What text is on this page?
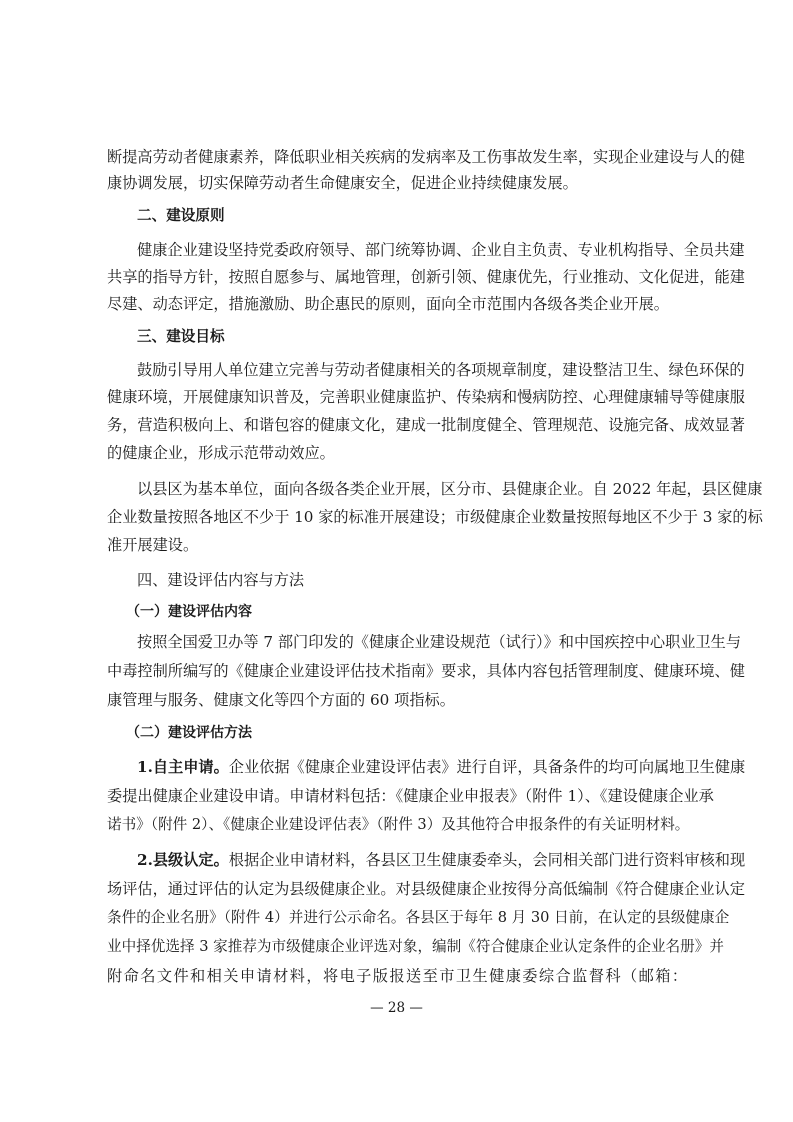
断提高劳动者健康素养，降低职业相关疾病的发病率及工伤事故发生率，实现企业建设与人的健
康协调发展，切实保障劳动者生命健康安全，促进企业持续健康发展。
二、建设原则
健康企业建设坚持党委政府领导、部门统筹协调、企业自主负责、专业机构指导、全员共建
共享的指导方针，按照自愿参与、属地管理，创新引领、健康优先，行业推动、文化促进，能建
尽建、动态评定，措施激励、助企惠民的原则，面向全市范围内各级各类企业开展。
三、建设目标
鼓励引导用人单位建立完善与劳动者健康相关的各项规章制度，建设整洁卫生、绿色环保的
健康环境，开展健康知识普及，完善职业健康监护、传染病和慢病防控、心理健康辅导等健康服
务，营造积极向上、和谐包容的健康文化，建成一批制度健全、管理规范、设施完备、成效显著
的健康企业，形成示范带动效应。
以县区为基本单位，面向各级各类企业开展，区分市、县健康企业。自 2022 年起，县区健康
企业数量按照各地区不少于 10 家的标准开展建设；市级健康企业数量按照每地区不少于 3 家的标
准开展建设。
四、建设评估内容与方法
（一）建设评估内容
按照全国爱卫办等 7 部门印发的《健康企业建设规范（试行）》和中国疾控中心职业卫生与
中毒控制所编写的《健康企业建设评估技术指南》要求，具体内容包括管理制度、健康环境、健
康管理与服务、健康文化等四个方面的 60 项指标。
（二）建设评估方法
1.自主申请。 企业依据《健康企业建设评估表》进行自评，具备条件的均可向属地卫生健康
委提出健康企业建设申请。申请材料包括：《健康企业申报表》（附件 1）、《建设健康企业承
诺书》（附件 2）、《健康企业建设评估表》（附件 3）及其他符合申报条件的有关证明材料。
2.县级认定。 根据企业申请材料，各县区卫生健康委牵头，会同相关部门进行资料审核和现
场评估，通过评估的认定为县级健康企业。对县级健康企业按得分高低编制《符合健康企业认定
条件的企业名册》（附件 4）并进行公示命名。各县区于每年 8 月 30 日前，在认定的县级健康企
业中择优选择 3 家推荐为市级健康企业评选对象，编制《符合健康企业认定条件的企业名册》并
附命名文件和相关申请材料，将电子版报送至市卫生健康委综合监督科（邮箱：
— 28 —
